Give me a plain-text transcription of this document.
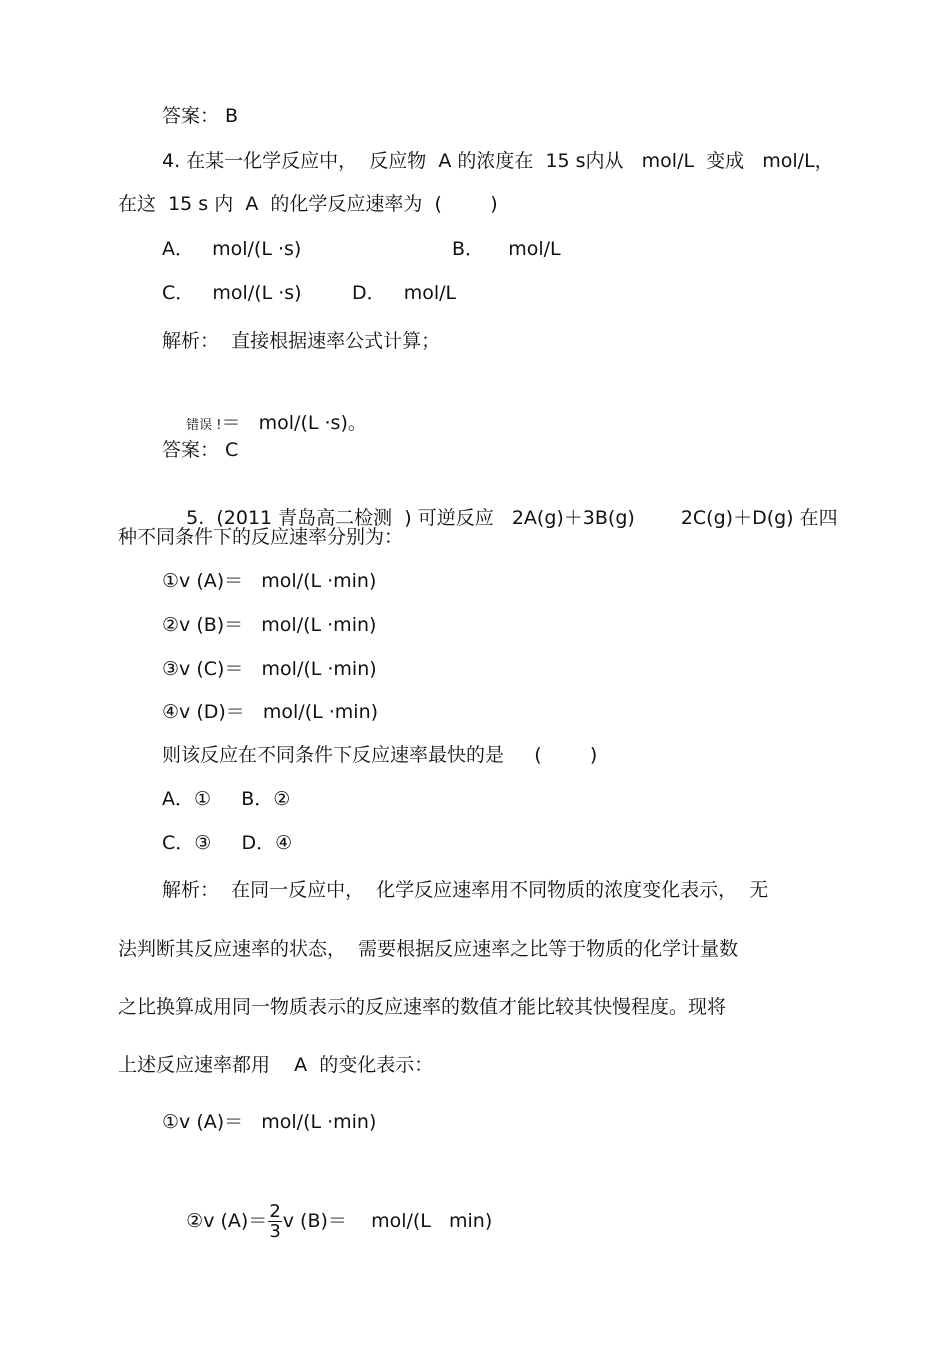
答案： B
4. 在某一化学反应中，  反应物  A 的浓度在  15 s内从   mol/L  变成   mol/L，
在这  15 s 内  A  的化学反应速率为  (        )
A．   mol/(L ·s)	B．    mol/L
C．   mol/(L ·s)	D．   mol/L
解析：  直接根据速率公式计算；

错误 !＝   mol/(L ·s)。

答案： C

5.  (2011 青岛高二检测  ) 可逆反应   2A(g)＋3B(g) 2C(g)＋D(g) 在四

种不同条件下的反应速率分别为：
①v (A)＝   mol/(L ·min)
②v (B)＝   mol/(L ·min)
③v (C)＝   mol/(L ·min)
④v (D)＝   mol/(L ·min)
则该反应在不同条件下反应速率最快的是     (        )
A．①     B．②
C．③     D．④
解析：  在同一反应中，  化学反应速率用不同物质的浓度变化表示，  无
法判断其反应速率的状态，  需要根据反应速率之比等于物质的化学计量数
之比换算成用同一物质表示的反应速率的数值才能比较其快慢程度。现将
上述反应速率都用    A  的变化表示：
①v (A)＝   mol/(L ·min)

②v $(A)= \frac{2}{3}$ v (B)＝    mol/(L   min)
